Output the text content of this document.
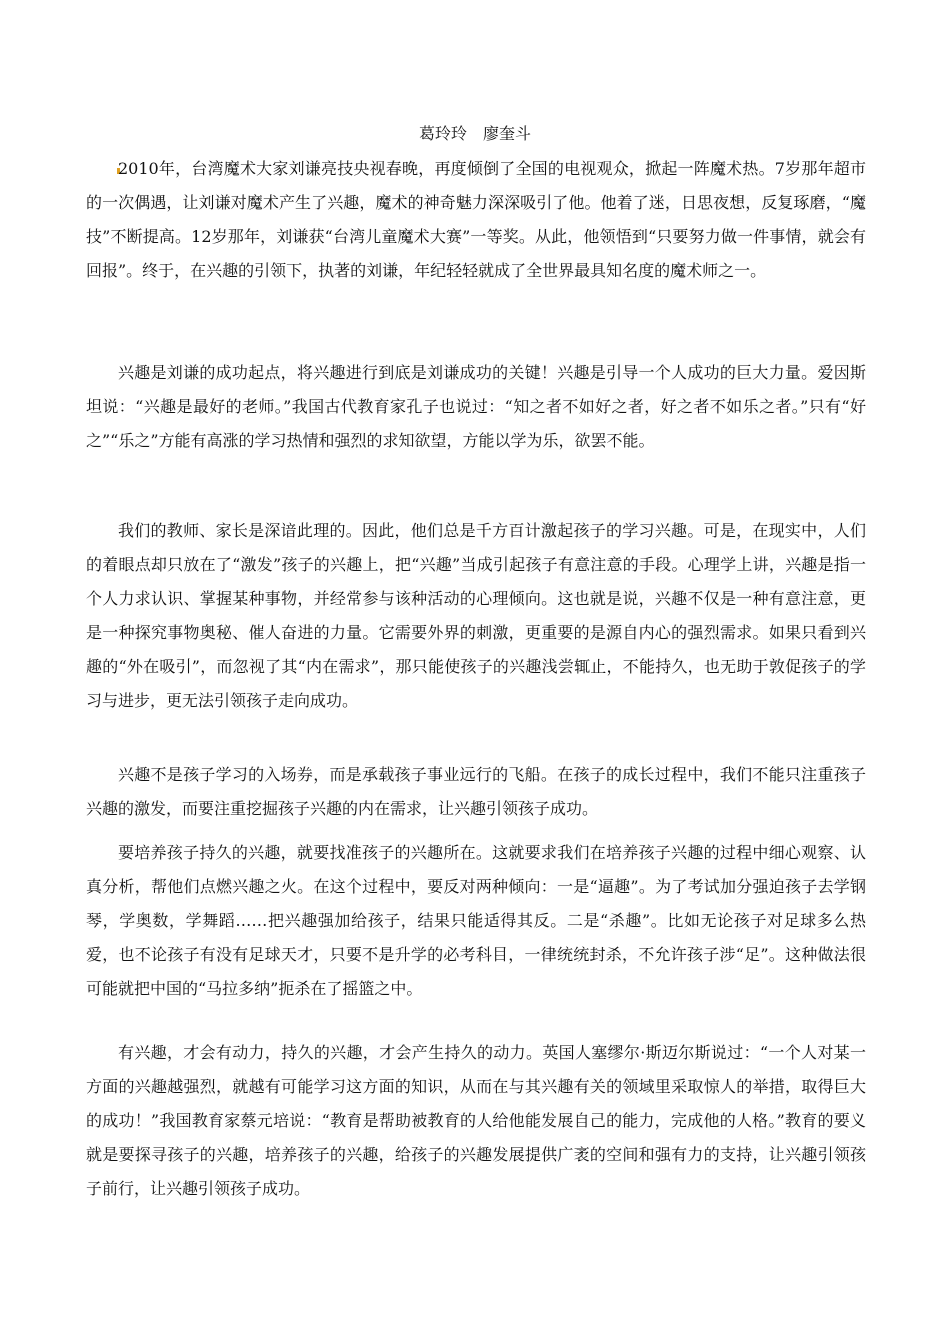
葛玲玲　廖奎斗

2010年，台湾魔术大家刘谦亮技央视春晚，再度倾倒了全国的电视观众，掀起一阵魔术热。7岁那年超市的一次偶遇，让刘谦对魔术产生了兴趣，魔术的神奇魅力深深吸引了他。他着了迷，日思夜想，反复琢磨，“魔技”不断提高。12岁那年，刘谦获“台湾儿童魔术大赛”一等奖。从此，他领悟到“只要努力做一件事情，就会有回报”。终于，在兴趣的引领下，执著的刘谦，年纪轻轻就成了全世界最具知名度的魔术师之一。

兴趣是刘谦的成功起点，将兴趣进行到底是刘谦成功的关键！兴趣是引导一个人成功的巨大力量。爱因斯坦说：“兴趣是最好的老师。”我国古代教育家孔子也说过：“知之者不如好之者，好之者不如乐之者。”只有“好之”“乐之”方能有高涨的学习热情和强烈的求知欲望，方能以学为乐，欲罢不能。

我们的教师、家长是深谙此理的。因此，他们总是千方百计激起孩子的学习兴趣。可是，在现实中，人们的着眼点却只放在了“激发”孩子的兴趣上，把“兴趣”当成引起孩子有意注意的手段。心理学上讲，兴趣是指一个人力求认识、掌握某种事物，并经常参与该种活动的心理倾向。这也就是说，兴趣不仅是一种有意注意，更是一种探究事物奥秘、催人奋进的力量。它需要外界的刺激，更重要的是源自内心的强烈需求。如果只看到兴趣的“外在吸引”，而忽视了其“内在需求”，那只能使孩子的兴趣浅尝辄止，不能持久，也无助于敦促孩子的学习与进步，更无法引领孩子走向成功。

兴趣不是孩子学习的入场券，而是承载孩子事业远行的飞船。在孩子的成长过程中，我们不能只注重孩子兴趣的激发，而要注重挖掘孩子兴趣的内在需求，让兴趣引领孩子成功。

要培养孩子持久的兴趣，就要找准孩子的兴趣所在。这就要求我们在培养孩子兴趣的过程中细心观察、认真分析，帮他们点燃兴趣之火。在这个过程中，要反对两种倾向：一是“逼趣”。为了考试加分强迫孩子去学钢琴，学奥数，学舞蹈……把兴趣强加给孩子，结果只能适得其反。二是“杀趣”。比如无论孩子对足球多么热爱，也不论孩子有没有足球天才，只要不是升学的必考科目，一律统统封杀，不允许孩子涉“足”。这种做法很可能就把中国的“马拉多纳”扼杀在了摇篮之中。

有兴趣，才会有动力，持久的兴趣，才会产生持久的动力。英国人塞缪尔·斯迈尔斯说过：“一个人对某一方面的兴趣越强烈，就越有可能学习这方面的知识，从而在与其兴趣有关的领域里采取惊人的举措，取得巨大的成功！”我国教育家蔡元培说：“教育是帮助被教育的人给他能发展自己的能力，完成他的人格。”教育的要义就是要探寻孩子的兴趣，培养孩子的兴趣，给孩子的兴趣发展提供广袤的空间和强有力的支持，让兴趣引领孩子前行，让兴趣引领孩子成功。
